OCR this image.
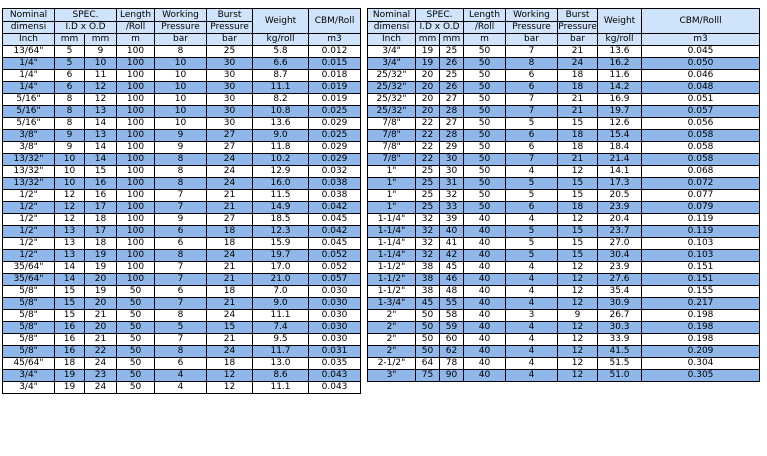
Nominal	SPEC.		Length	Working	Burst	Weight	CBM/Roll
dimensi	I.D x O.D		/Roll	Pressure	Pressure		
Inch	mm	mm	m	bar	bar	kg/roll	m3
13/64"	5	9	100	8	25	5.8	0.012
1/4"	5	10	100	10	30	6.6	0.015
1/4"	6	11	100	10	30	8.7	0.018
1/4"	6	12	100	10	30	11.1	0.019
5/16"	8	12	100	10	30	8.2	0.019
5/16"	8	13	100	10	30	10.8	0.025
5/16"	8	14	100	10	30	13.6	0.029
3/8"	9	13	100	9	27	9.0	0.025
3/8"	9	14	100	9	27	11.8	0.029
13/32"	10	14	100	8	24	10.2	0.029
13/32"	10	15	100	8	24	12.9	0.032
13/32"	10	16	100	8	24	16.0	0.038
1/2"	12	16	100	7	21	11.5	0.038
1/2"	12	17	100	7	21	14.9	0.042
1/2"	12	18	100	9	27	18.5	0.045
1/2"	13	17	100	6	18	12.3	0.042
1/2"	13	18	100	6	18	15.9	0.045
1/2"	13	19	100	8	24	19.7	0.052
35/64"	14	19	100	7	21	17.0	0.052
35/64"	14	20	100	7	21	21.0	0.057
5/8"	15	19	50	6	18	7.0	0.030
5/8"	15	20	50	7	21	9.0	0.030
5/8"	15	21	50	8	24	11.1	0.030
5/8"	16	20	50	5	15	7.4	0.030
5/8"	16	21	50	7	21	9.5	0.030
5/8"	16	22	50	8	24	11.7	0.031
45/64"	18	24	50	6	18	13.0	0.035
3/4"	19	23	50	4	12	8.6	0.043
3/4"	19	24	50	4	12	11.1	0.043
Nominal	SPEC.		Length	Working	Burst	Weight	CBM/Rolll
dimensi	I.D x O.D		/Roll	Pressure	Pressure		
Inch	mm	mm	m	bar	bar	kg/roll	m3
3/4"	19	25	50	7	21	13.6	0.045
3/4"	19	26	50	8	24	16.2	0.050
25/32"	20	25	50	6	18	11.6	0.046
25/32"	20	26	50	6	18	14.2	0.048
25/32"	20	27	50	7	21	16.9	0.051
25/32"	20	28	50	7	21	19.7	0.057
7/8"	22	27	50	5	15	12.6	0.056
7/8"	22	28	50	6	18	15.4	0.058
7/8"	22	29	50	6	18	18.4	0.058
7/8"	22	30	50	7	21	21.4	0.058
1"	25	30	50	4	12	14.1	0.068
1"	25	31	50	5	15	17.3	0.072
1"	25	32	50	5	15	20.5	0.077
1"	25	33	50	6	18	23.9	0.079
1-1/4"	32	39	40	4	12	20.4	0.119
1-1/4"	32	40	40	5	15	23.7	0.119
1-1/4"	32	41	40	5	15	27.0	0.103
1-1/4"	32	42	40	5	15	30.4	0.103
1-1/2"	38	45	40	4	12	23.9	0.151
1-1/2"	38	46	40	4	12	27.6	0.151
1-1/2"	38	48	40	4	12	35.4	0.155
1-3/4"	45	55	40	4	12	30.9	0.217
2"	50	58	40	3	9	26.7	0.198
2"	50	59	40	4	12	30.3	0.198
2"	50	60	40	4	12	33.9	0.198
2"	50	62	40	4	12	41.5	0.209
2-1/2"	64	78	40	4	12	51.5	0.304
3"	75	90	40	4	12	51.0	0.305
